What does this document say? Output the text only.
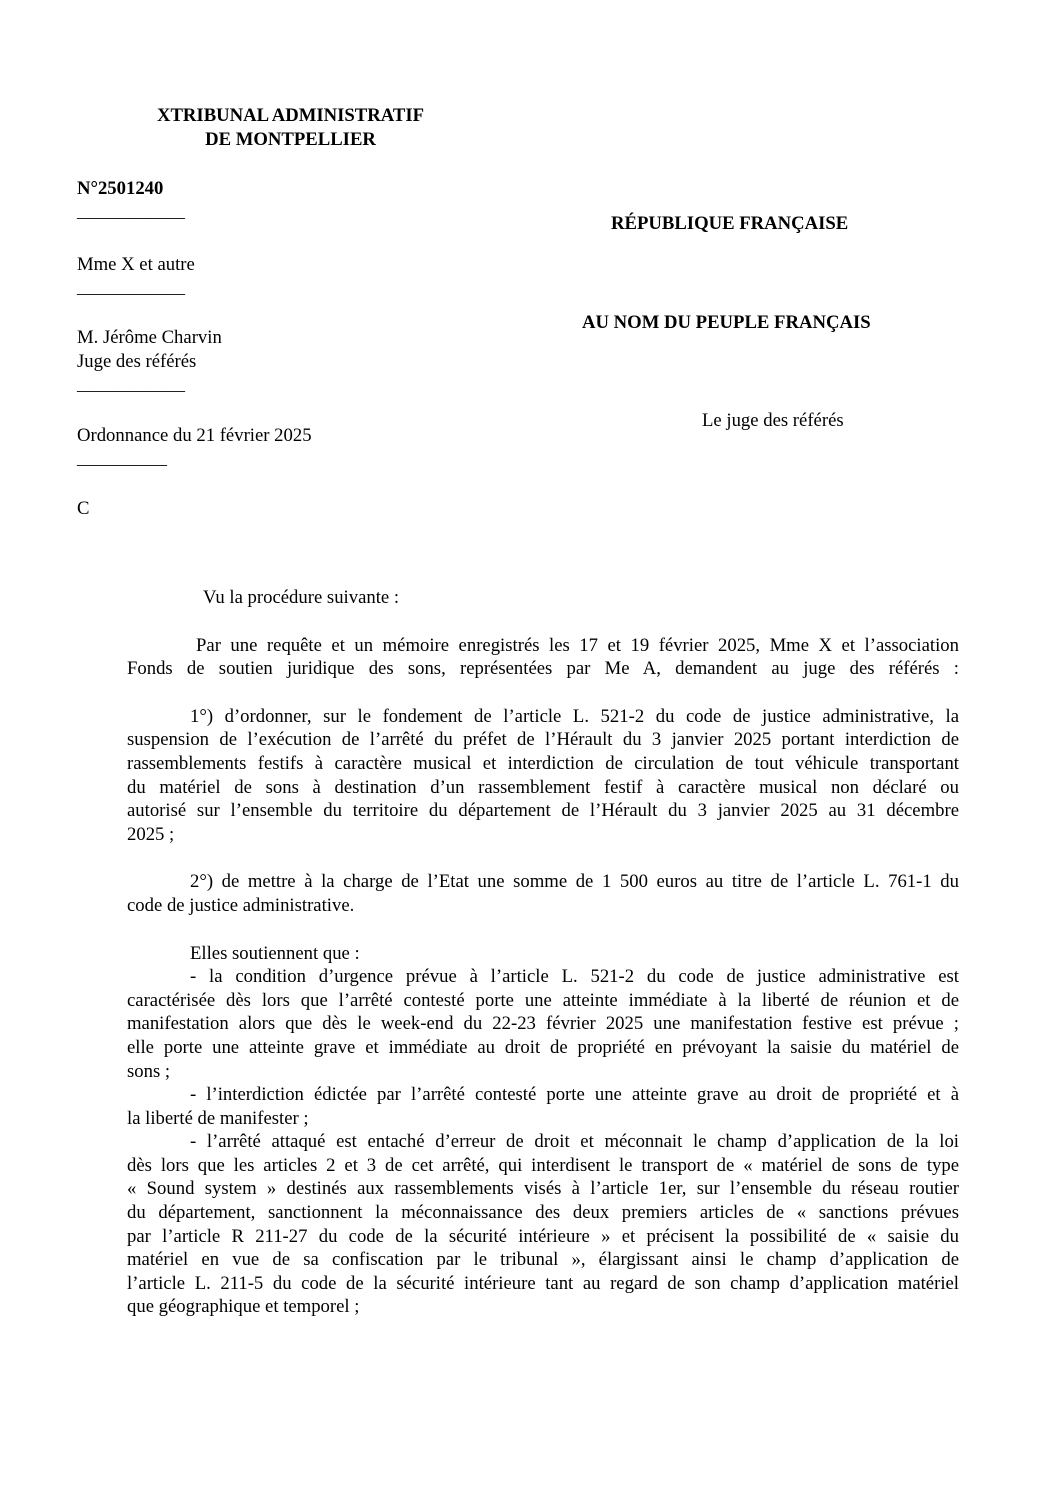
XTRIBUNAL ADMINISTRATIF
DE MONTPELLIER
N°2501240
——————
Mme X et autre
——————
M. Jérôme Charvin
Juge des référés
——————
Ordonnance du 21 février 2025
—————
C
RÉPUBLIQUE FRANÇAISE
AU NOM DU PEUPLE FRANÇAIS
Le juge des référés
Vu la procédure suivante :
Par une requête et un mémoire enregistrés les 17 et 19 février 2025, Mme X et l’association
Fonds de soutien juridique des sons, représentées par Me A, demandent au juge des référés :
1°) d’ordonner, sur le fondement de l’article L. 521-2 du code de justice administrative, la
suspension de l’exécution de l’arrêté du préfet de l’Hérault du 3 janvier 2025 portant interdiction de
rassemblements festifs à caractère musical et interdiction de circulation de tout véhicule transportant
du matériel de sons à destination d’un rassemblement festif à caractère musical non déclaré ou
autorisé sur l’ensemble du territoire du département de l’Hérault du 3 janvier 2025 au 31 décembre
2025 ;
2°) de mettre à la charge de l’Etat une somme de 1 500 euros au titre de l’article L. 761-1 du
code de justice administrative.
Elles soutiennent que :
- la condition d’urgence prévue à l’article L. 521-2 du code de justice administrative est
caractérisée dès lors que l’arrêté contesté porte une atteinte immédiate à la liberté de réunion et de
manifestation alors que dès le week-end du 22-23 février 2025 une manifestation festive est prévue ;
elle porte une atteinte grave et immédiate au droit de propriété en prévoyant la saisie du matériel de
sons ;
- l’interdiction édictée par l’arrêté contesté porte une atteinte grave au droit de propriété et à
la liberté de manifester ;
- l’arrêté attaqué est entaché d’erreur de droit et méconnait le champ d’application de la loi
dès lors que les articles 2 et 3 de cet arrêté, qui interdisent le transport de « matériel de sons de type
« Sound system » destinés aux rassemblements visés à l’article 1er, sur l’ensemble du réseau routier
du département, sanctionnent la méconnaissance des deux premiers articles de « sanctions prévues
par l’article R 211-27 du code de la sécurité intérieure » et précisent la possibilité de « saisie du
matériel en vue de sa confiscation par le tribunal », élargissant ainsi le champ d’application de
l’article L. 211-5 du code de la sécurité intérieure tant au regard de son champ d’application matériel
que géographique et temporel ;
